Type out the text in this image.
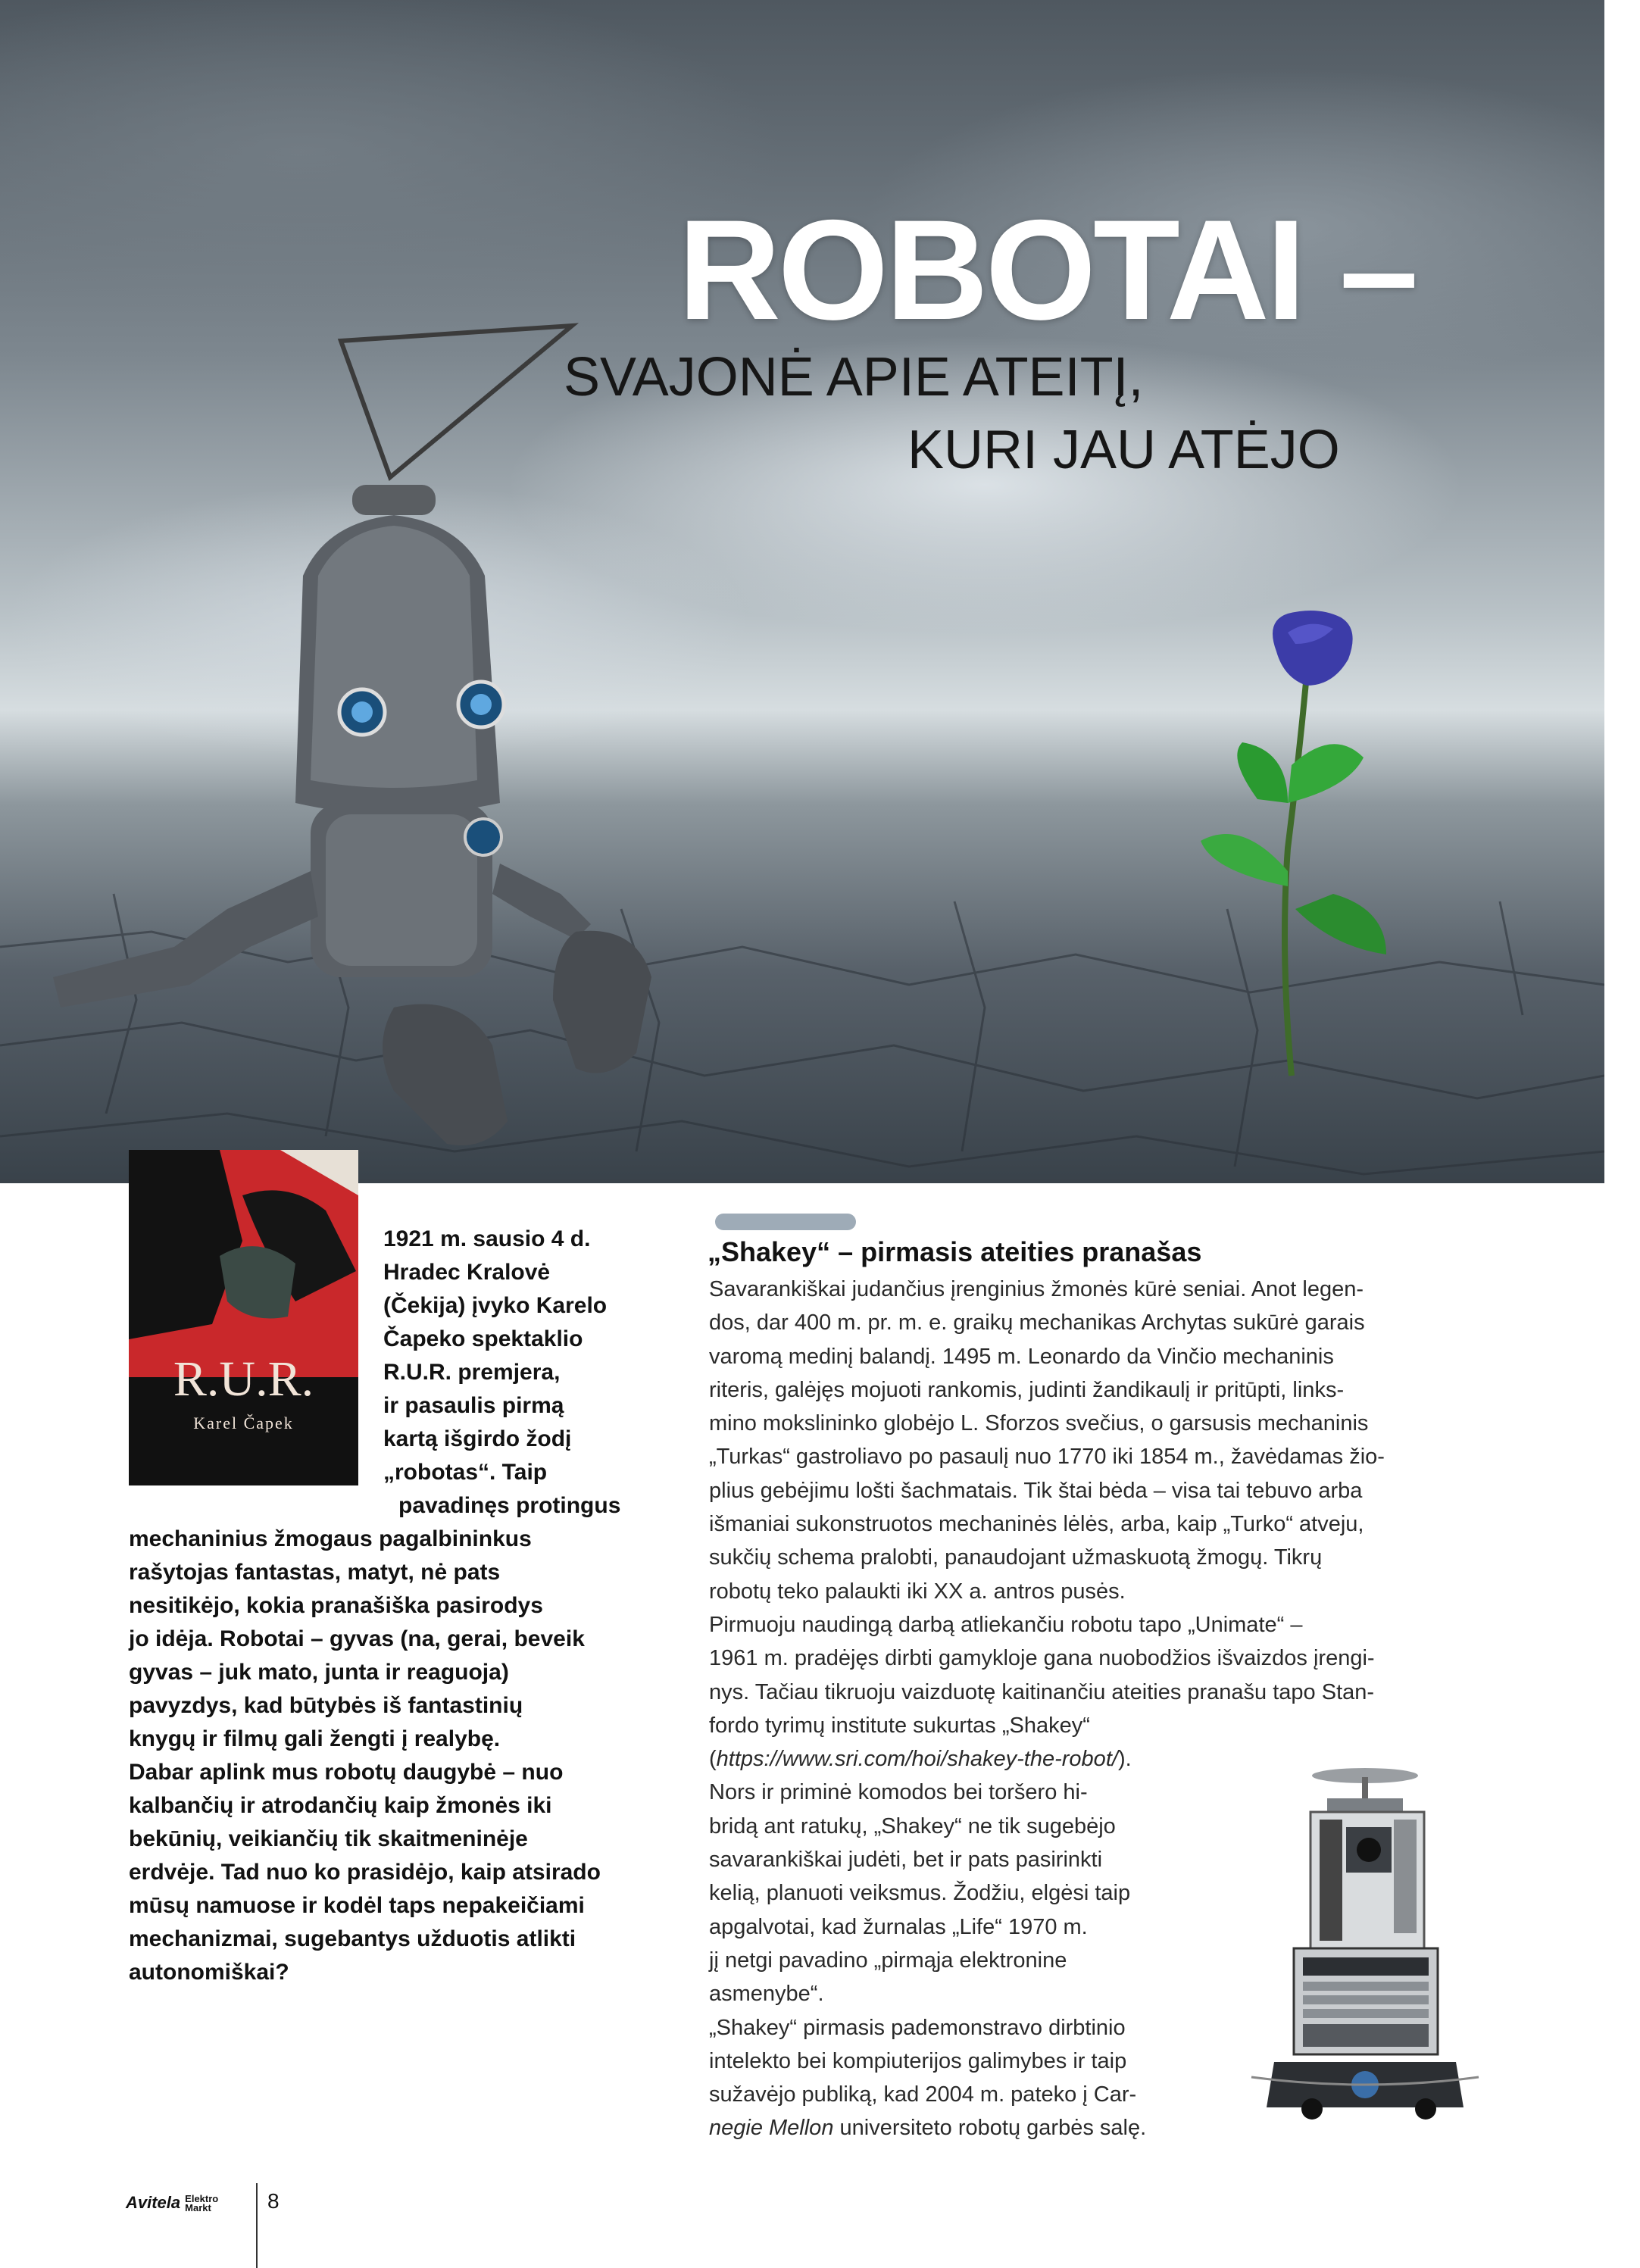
ROBOTAI –
SVAJONĖ APIE ATEITĮ,
KURI JAU ATĖJO
R.U.R.
Karel Čapek

1921 m. sausio 4 d.

Hradec Kralovė

(Čekija) įvyko Karelo

Čapeko spektaklio

R.U.R. premjera,

ir pasaulis pirmą

kartą išgirdo žodį

„robotas“. Taip

pavadinęs protingus

mechaninius žmogaus pagalbininkus

rašytojas fantastas, matyt, nė pats

nesitikėjo, kokia pranašiška pasirodys

jo idėja. Robotai – gyvas (na, gerai, beveik

gyvas – juk mato, junta ir reaguoja)

pavyzdys, kad būtybės iš fantastinių

knygų ir filmų gali žengti į realybę.

Dabar aplink mus robotų daugybė – nuo

kalbančių ir atrodančių kaip žmonės iki

bekūnių, veikiančių tik skaitmeninėje

erdvėje. Tad nuo ko prasidėjo, kaip atsirado

mūsų namuose ir kodėl taps nepakeičiami

mechanizmai, sugebantys užduotis atlikti

autonomiškai?

„Shakey“ – pirmasis ateities pranašas

Savarankiškai judančius įrenginius žmonės kūrė seniai. Anot legen-

dos, dar 400 m. pr. m. e. graikų mechanikas Archytas sukūrė garais

varomą medinį balandį. 1495 m. Leonardo da Vinčio mechaninis

riteris, galėjęs mojuoti rankomis, judinti žandikaulį ir pritūpti, links-

mino mokslininko globėjo L. Sforzos svečius, o garsusis mechaninis

„Turkas“ gastroliavo po pasaulį nuo 1770 iki 1854 m., žavėdamas žio-

plius gebėjimu lošti šachmatais. Tik štai bėda – visa tai tebuvo arba

išmaniai sukonstruotos mechaninės lėlės, arba, kaip „Turko“ atveju,

sukčių schema pralobti, panaudojant užmaskuotą žmogų. Tikrų

robotų teko palaukti iki XX a. antros pusės.

Pirmuoju naudingą darbą atliekančiu robotu tapo „Unimate“ –

1961 m. pradėjęs dirbti gamykloje gana nuobodžios išvaizdos įrengi-

nys. Tačiau tikruoju vaizduotę kaitinančiu ateities pranašu tapo Stan-

fordo tyrimų institute sukurtas „Shakey“

(https://www.sri.com/hoi/shakey-the-robot/).

Nors ir priminė komodos bei toršero hi-

bridą ant ratukų, „Shakey“ ne tik sugebėjo

savarankiškai judėti, bet ir pats pasirinkti

kelią, planuoti veiksmus. Žodžiu, elgėsi taip

apgalvotai, kad žurnalas „Life“ 1970 m.

jį netgi pavadino „pirmąja elektronine

asmenybe“.

„Shakey“ pirmasis pademonstravo dirbtinio

intelekto bei kompiuterijos galimybes ir taip

sužavėjo publiką, kad 2004 m. pateko į Car-

negie Mellon universiteto robotų garbės salę.

Avitela Elektro
Markt	8
